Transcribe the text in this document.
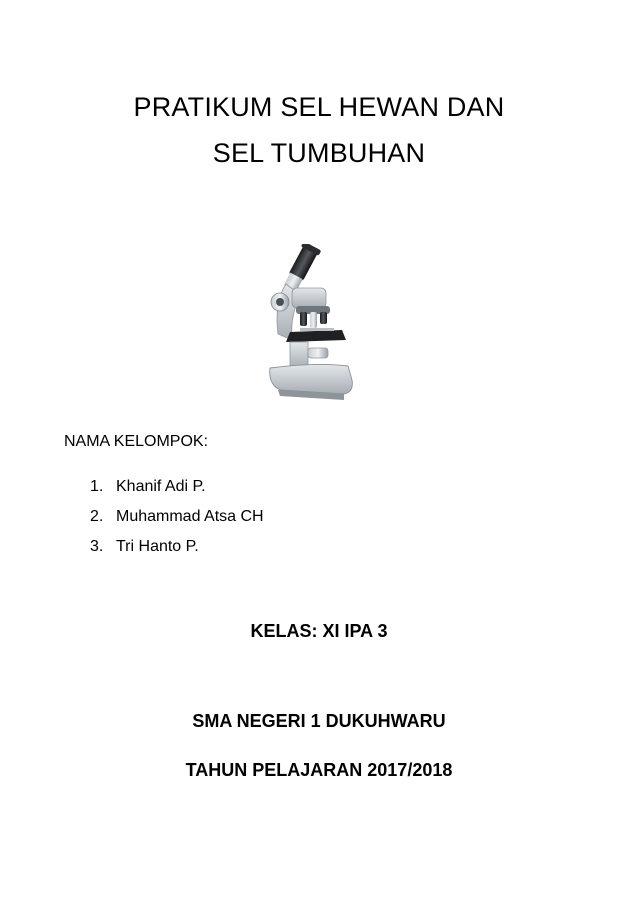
PRATIKUM SEL HEWAN DAN
SEL TUMBUHAN
NAMA KELOMPOK:
1. Khanif Adi P.
2. Muhammad Atsa CH
3. Tri Hanto P.
KELAS: XI IPA 3
SMA NEGERI 1 DUKUHWARU
TAHUN PELAJARAN 2017/2018
